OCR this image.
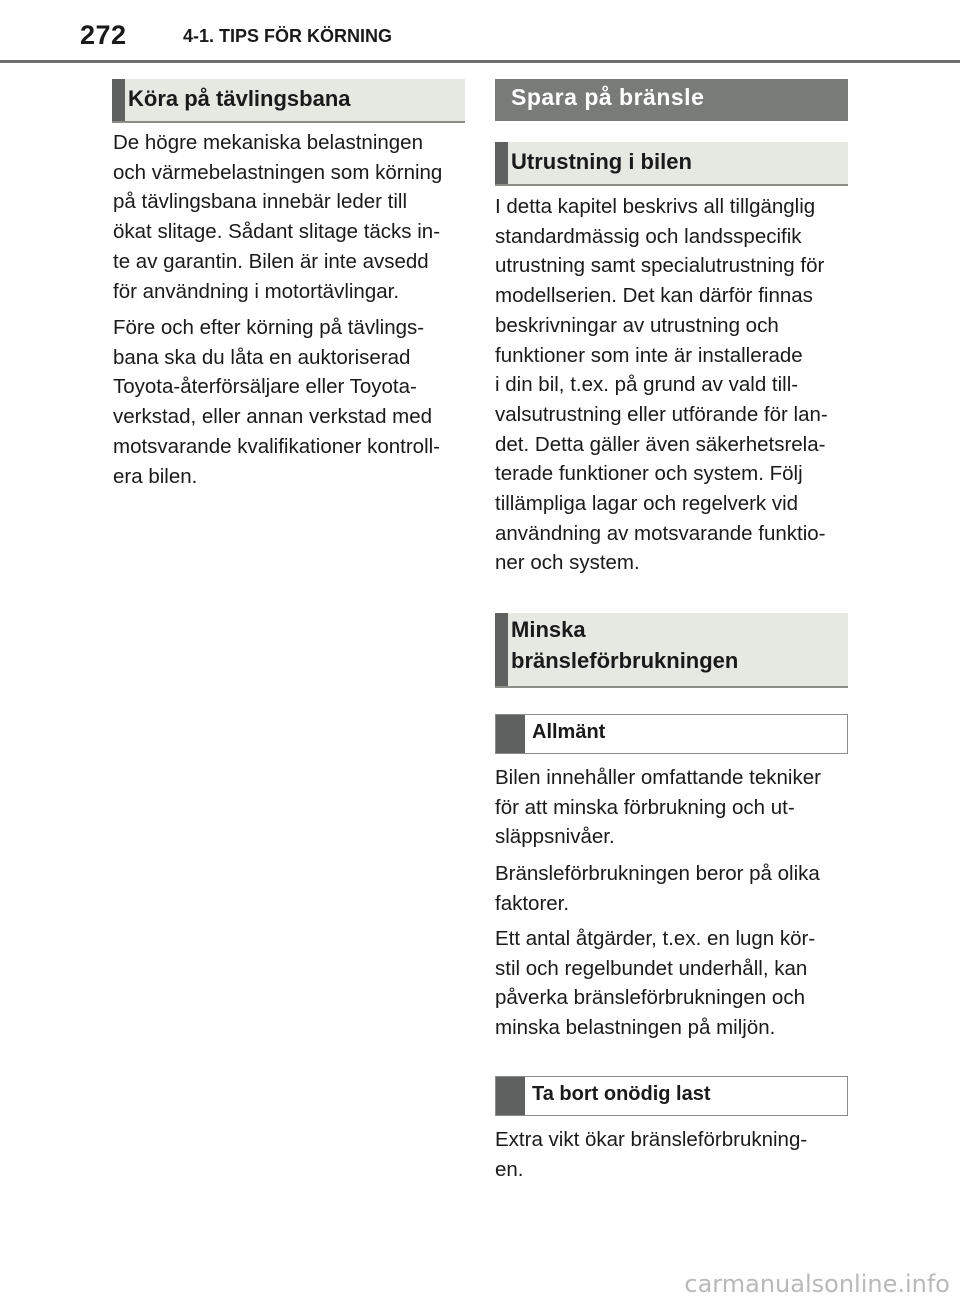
272	4-1. TIPS FÖR KÖRNING
Köra på tävlingsbana

De högre mekaniska belastningen
och värmebelastningen som körning
på tävlingsbana innebär leder till
ökat slitage. Sådant slitage täcks in-
te av garantin. Bilen är inte avsedd
för användning i motortävlingar.

Före och efter körning på tävlings-
bana ska du låta en auktoriserad
Toyota-återförsäljare eller Toyota-
verkstad, eller annan verkstad med
motsvarande kvalifikationer kontroll-
era bilen.

Spara på bränsle
Utrustning i bilen

I detta kapitel beskrivs all tillgänglig
standardmässig och landsspecifik
utrustning samt specialutrustning för
modellserien. Det kan därför finnas
beskrivningar av utrustning och
funktioner som inte är installerade
i din bil, t.ex. på grund av vald till-
valsutrustning eller utförande för lan-
det. Detta gäller även säkerhetsrela-
terade funktioner och system. Följ
tillämpliga lagar och regelverk vid
användning av motsvarande funktio-
ner och system.

Minska
bränsleförbrukningen
Allmänt

Bilen innehåller omfattande tekniker
för att minska förbrukning och ut-
släppsnivåer.

Bränsleförbrukningen beror på olika
faktorer.

Ett antal åtgärder, t.ex. en lugn kör-
stil och regelbundet underhåll, kan
påverka bränsleförbrukningen och
minska belastningen på miljön.

Ta bort onödig last

Extra vikt ökar bränsleförbrukning-
en.

carmanualsonline.info
